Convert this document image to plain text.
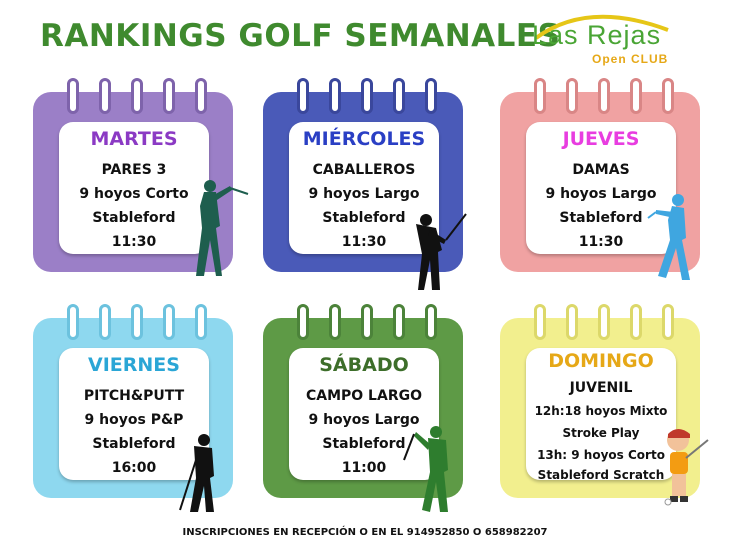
RANKINGS GOLF SEMANALES
Las Rejas
Open CLUB
MARTES
PARES 3
9 hoyos Corto
Stableford
11:30
MIÉRCOLES
CABALLEROS
9 hoyos Largo
Stableford
11:30
JUEVES
DAMAS
9 hoyos Largo
Stableford
11:30
VIERNES
PITCH&PUTT
9 hoyos P&P
Stableford
16:00
SÁBADO
CAMPO LARGO
9 hoyos Largo
Stableford
11:00
DOMINGO
JUVENIL
12h:18 hoyos Mixto
Stroke Play
13h: 9 hoyos Corto
Stableford Scratch
INSCRIPCIONES EN RECEPCIÓN O EN EL 914952850 O 658982207
